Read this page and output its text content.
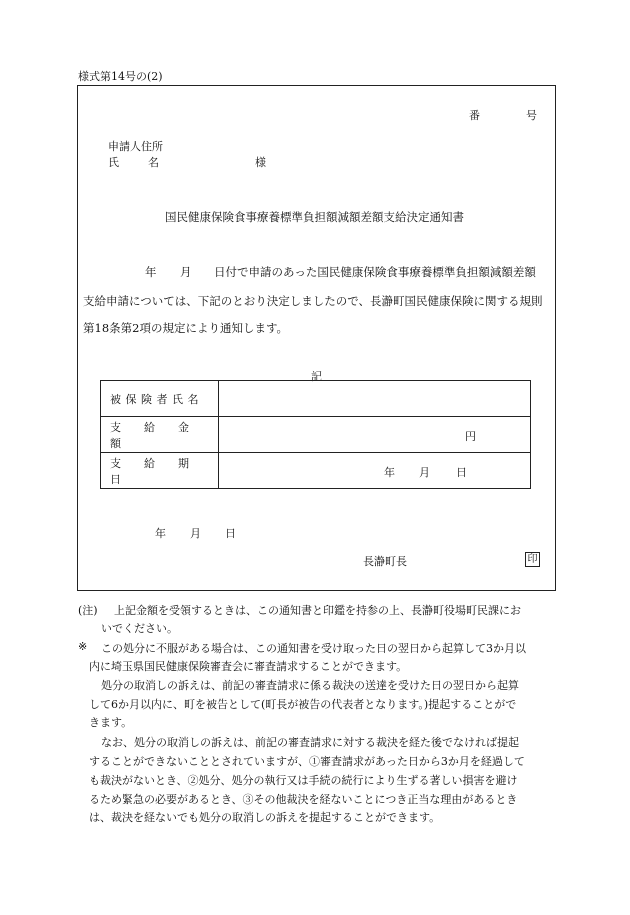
様式第14号の(2)
番	号
申請人住所
氏	名	様
国民健康保険食事療養標準負担額減額差額支給決定通知書
年 月 日付で申請のあった国民健康保険食事療養標準負担額減額差額
支給申請については、下記のとおり決定しましたので、長瀞町国民健康保険に関する規則
第18条第2項の規定により通知します。
記
被保険者氏名	

支給金額	円

支給期日	年 月 日
年 月 日
長瀞町長	印
(注) 上記金額を受領するときは、この通知書と印鑑を持参の上、長瀞町役場町民課にお
いでください。
※ この処分に不服がある場合は、この通知書を受け取った日の翌日から起算して3か月以
内に埼玉県国民健康保険審査会に審査請求することができます。
処分の取消しの訴えは、前記の審査請求に係る裁決の送達を受けた日の翌日から起算
して6か月以内に、町を被告として(町長が被告の代表者となります。)提起することがで
きます。
なお、処分の取消しの訴えは、前記の審査請求に対する裁決を経た後でなければ提起
することができないこととされていますが、①審査請求があった日から3か月を経過して
も裁決がないとき、②処分、処分の執行又は手続の続行により生ずる著しい損害を避け
るため緊急の必要があるとき、③その他裁決を経ないことにつき正当な理由があるとき
は、裁決を経ないでも処分の取消しの訴えを提起することができます。
